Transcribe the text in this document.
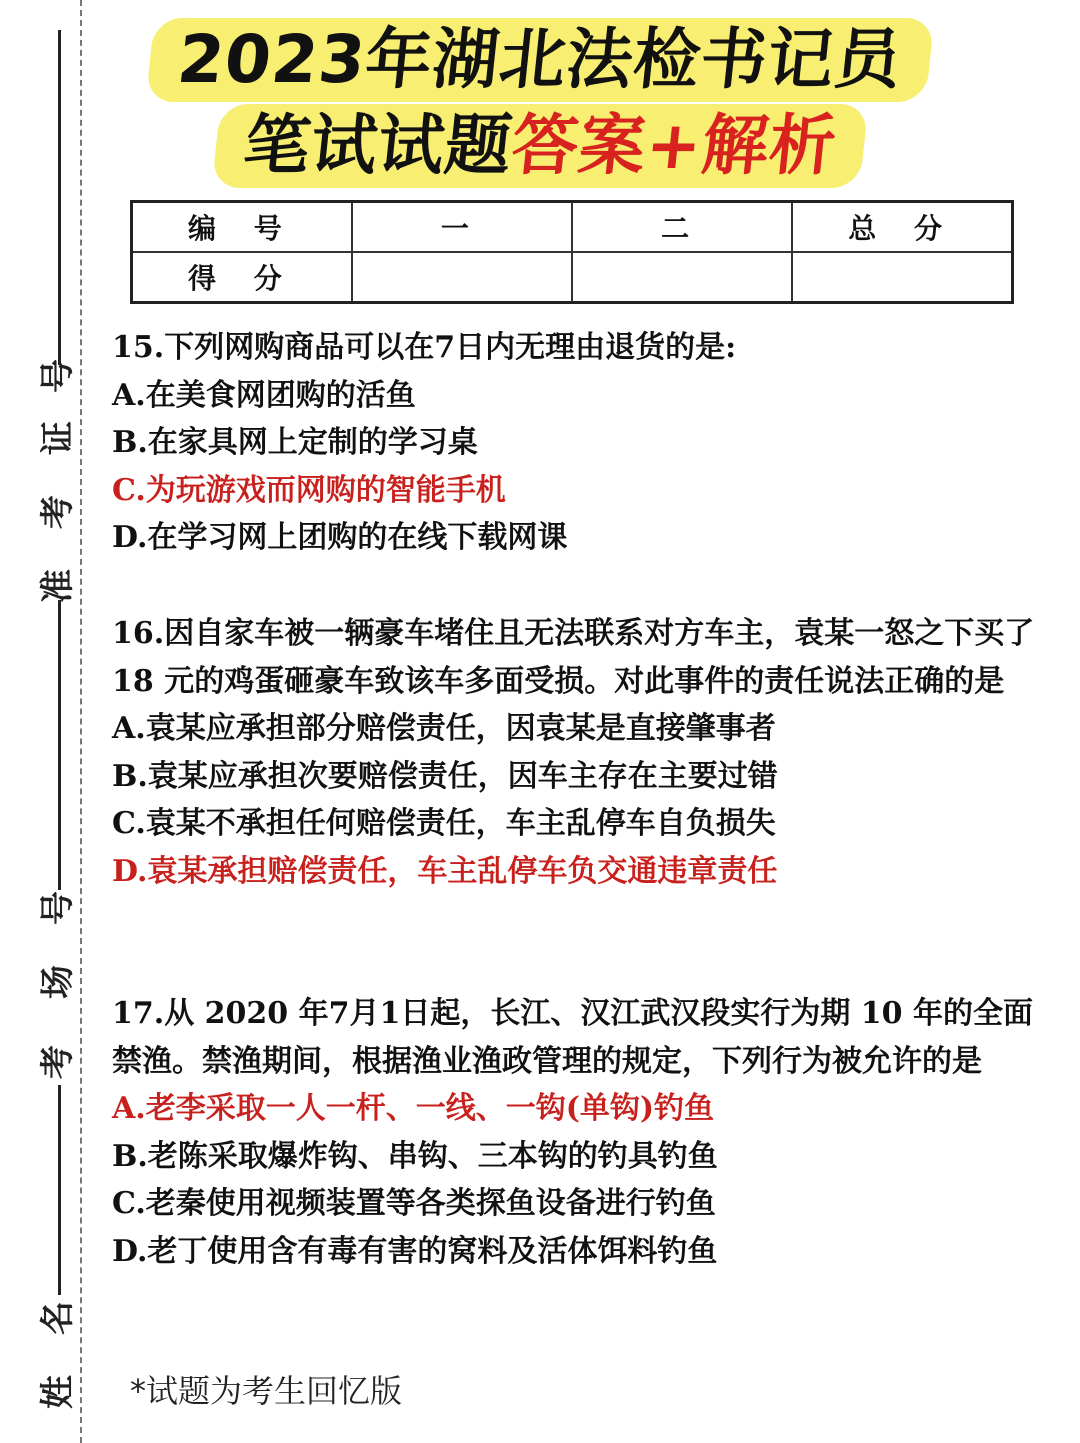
号
证
考
准
号
场
考
名
姓
2023年湖北法检书记员
笔试试题答案+解析
编 号	一	二	总 分
得 分			

15.下列网购商品可以在7日内无理由退货的是:

A.在美食网团购的活鱼

B.在家具网上定制的学习桌

C.为玩游戏而网购的智能手机

D.在学习网上团购的在线下载网课

16.因自家车被一辆豪车堵住且无法联系对方车主，袁某一怒之下买了 18 元的鸡蛋砸豪车致该车多面受损。对此事件的责任说法正确的是

A.袁某应承担部分赔偿责任，因袁某是直接肇事者

B.袁某应承担次要赔偿责任，因车主存在主要过错

C.袁某不承担任何赔偿责任，车主乱停车自负损失

D.袁某承担赔偿责任，车主乱停车负交通违章责任

17.从 2020 年7月1日起，长江、汉江武汉段实行为期 10 年的全面禁渔。禁渔期间，根据渔业渔政管理的规定，下列行为被允许的是

A.老李采取一人一杆、一线、一钩(单钩)钓鱼

B.老陈采取爆炸钩、串钩、三本钩的钓具钓鱼

C.老秦使用视频装置等各类探鱼设备进行钓鱼

D.老丁使用含有毒有害的窝料及活体饵料钓鱼

*试题为考生回忆版
